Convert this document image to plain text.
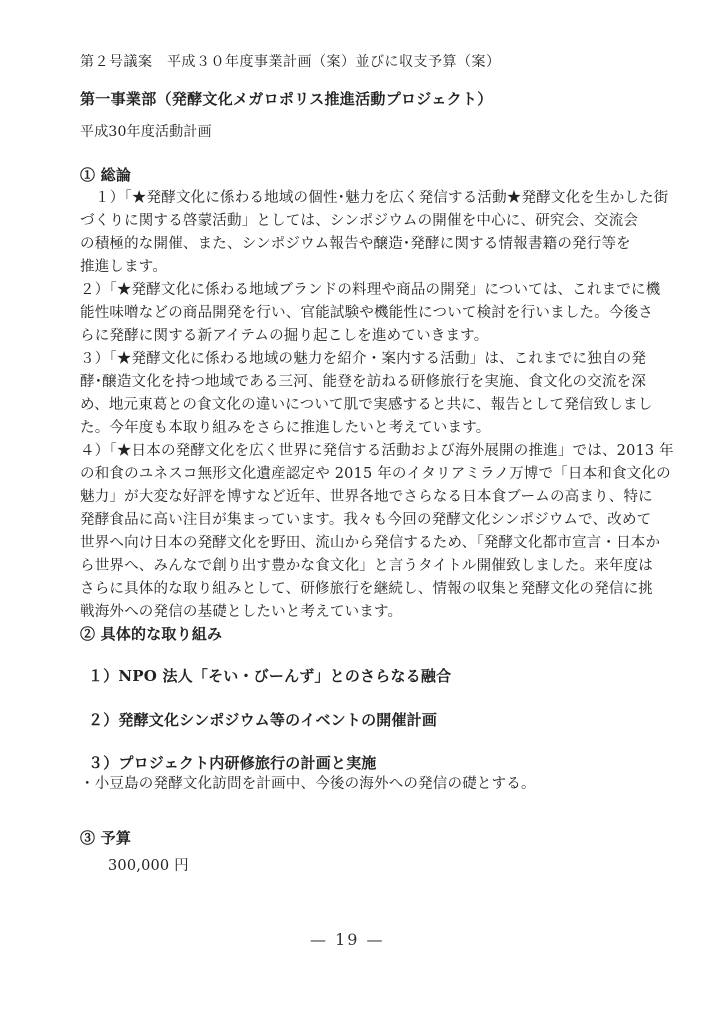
第２号議案　平成３０年度事業計画（案）並びに収支予算（案）
第一事業部（発酵文化メガロポリス推進活動プロジェクト）
平成30年度活動計画
① 総論
１）「★発酵文化に係わる地域の個性･魅力を広く発信する活動★発酵文化を生かした街
づくりに関する啓蒙活動」としては、シンポジウムの開催を中心に、研究会、交流会
の積極的な開催、また、シンポジウム報告や醸造･発酵に関する情報書籍の発行等を
推進します。
２）「★発酵文化に係わる地域ブランドの料理や商品の開発」については、これまでに機
能性味噌などの商品開発を行い、官能試験や機能性について検討を行いました。今後さ
らに発酵に関する新アイテムの掘り起こしを進めていきます。
３）「★発酵文化に係わる地域の魅力を紹介・案内する活動」は、これまでに独自の発
酵･醸造文化を持つ地域である三河、能登を訪ねる研修旅行を実施、食文化の交流を深
め、地元東葛との食文化の違いについて肌で実感すると共に、報告として発信致しまし
た。今年度も本取り組みをさらに推進したいと考えています。
４）「★日本の発酵文化を広く世界に発信する活動および海外展開の推進」では、2013 年
の和食のユネスコ無形文化遺産認定や 2015 年のイタリアミラノ万博で「日本和食文化の
魅力」が大変な好評を博すなど近年、世界各地でさらなる日本食ブームの高まり、特に
発酵食品に高い注目が集まっています。我々も今回の発酵文化シンポジウムで、改めて
世界へ向け日本の発酵文化を野田、流山から発信するため、「発酵文化都市宣言・日本か
ら世界へ、みんなで創り出す豊かな食文化」と言うタイトル開催致しました。来年度は
さらに具体的な取り組みとして、研修旅行を継続し、情報の収集と発酵文化の発信に挑
戦海外への発信の基礎としたいと考えています。
② 具体的な取り組み
１）NPO 法人「そい・びーんず」とのさらなる融合
２）発酵文化シンポジウム等のイベントの開催計画
３）プロジェクト内研修旅行の計画と実施
・小豆島の発酵文化訪問を計画中、今後の海外への発信の礎とする。
③ 予算
300,000 円
— 19 —
